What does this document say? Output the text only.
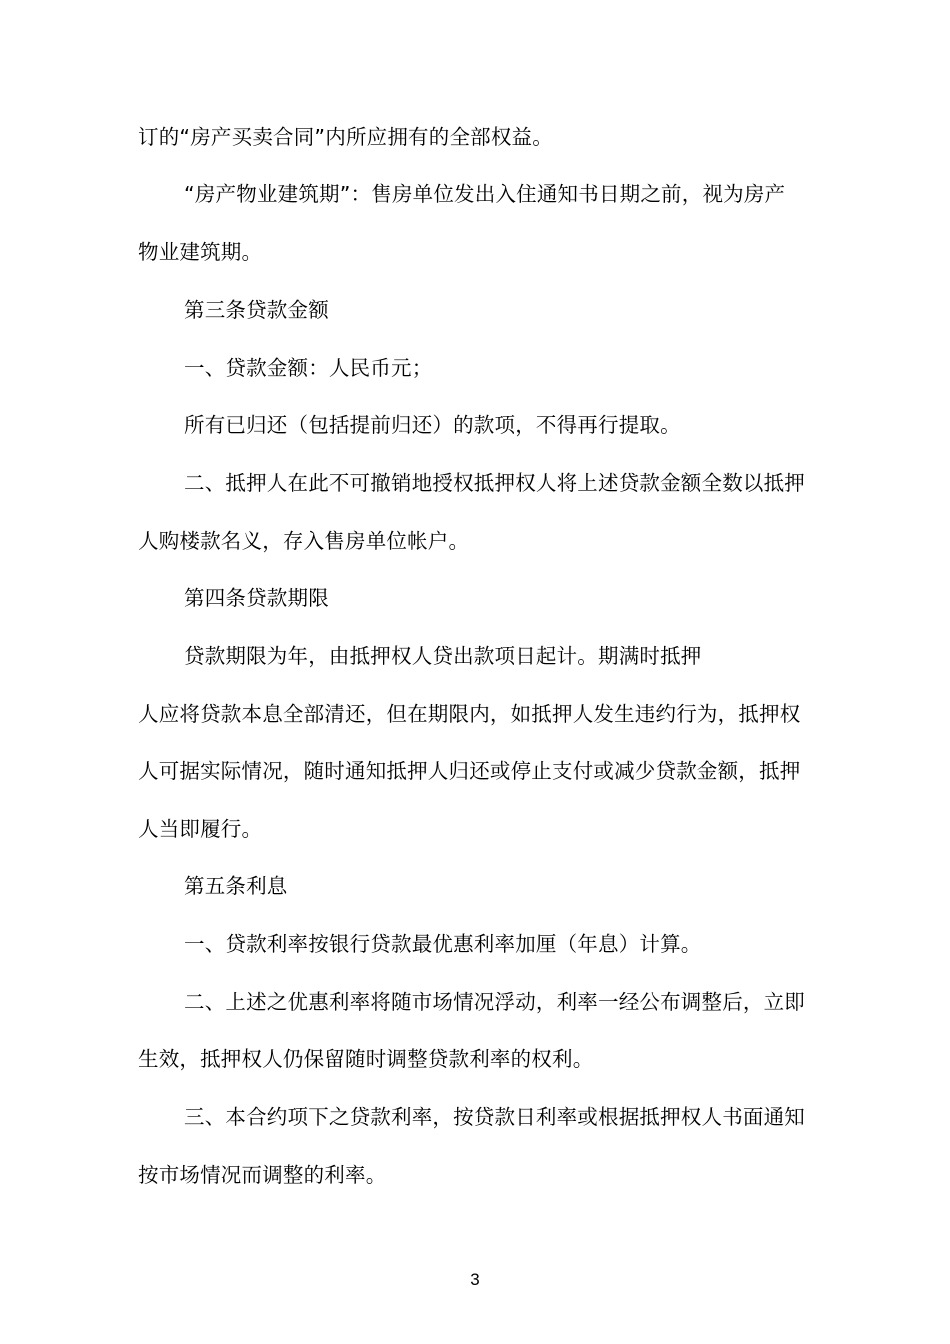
订的“房产买卖合同”内所应拥有的全部权益。
“房产物业建筑期”：售房单位发出入住通知书日期之前，视为房产
物业建筑期。
第三条贷款金额
一、贷款金额：人民币元；
所有已归还（包括提前归还）的款项，不得再行提取。
二、抵押人在此不可撤销地授权抵押权人将上述贷款金额全数以抵押
人购楼款名义，存入售房单位帐户。
第四条贷款期限
贷款期限为年，由抵押权人贷出款项日起计。期满时抵押
人应将贷款本息全部清还，但在期限内，如抵押人发生违约行为，抵押权
人可据实际情况，随时通知抵押人归还或停止支付或减少贷款金额，抵押
人当即履行。
第五条利息
一、贷款利率按银行贷款最优惠利率加厘（年息）计算。
二、上述之优惠利率将随市场情况浮动，利率一经公布调整后，立即
生效，抵押权人仍保留随时调整贷款利率的权利。
三、本合约项下之贷款利率，按贷款日利率或根据抵押权人书面通知
按市场情况而调整的利率。
3
